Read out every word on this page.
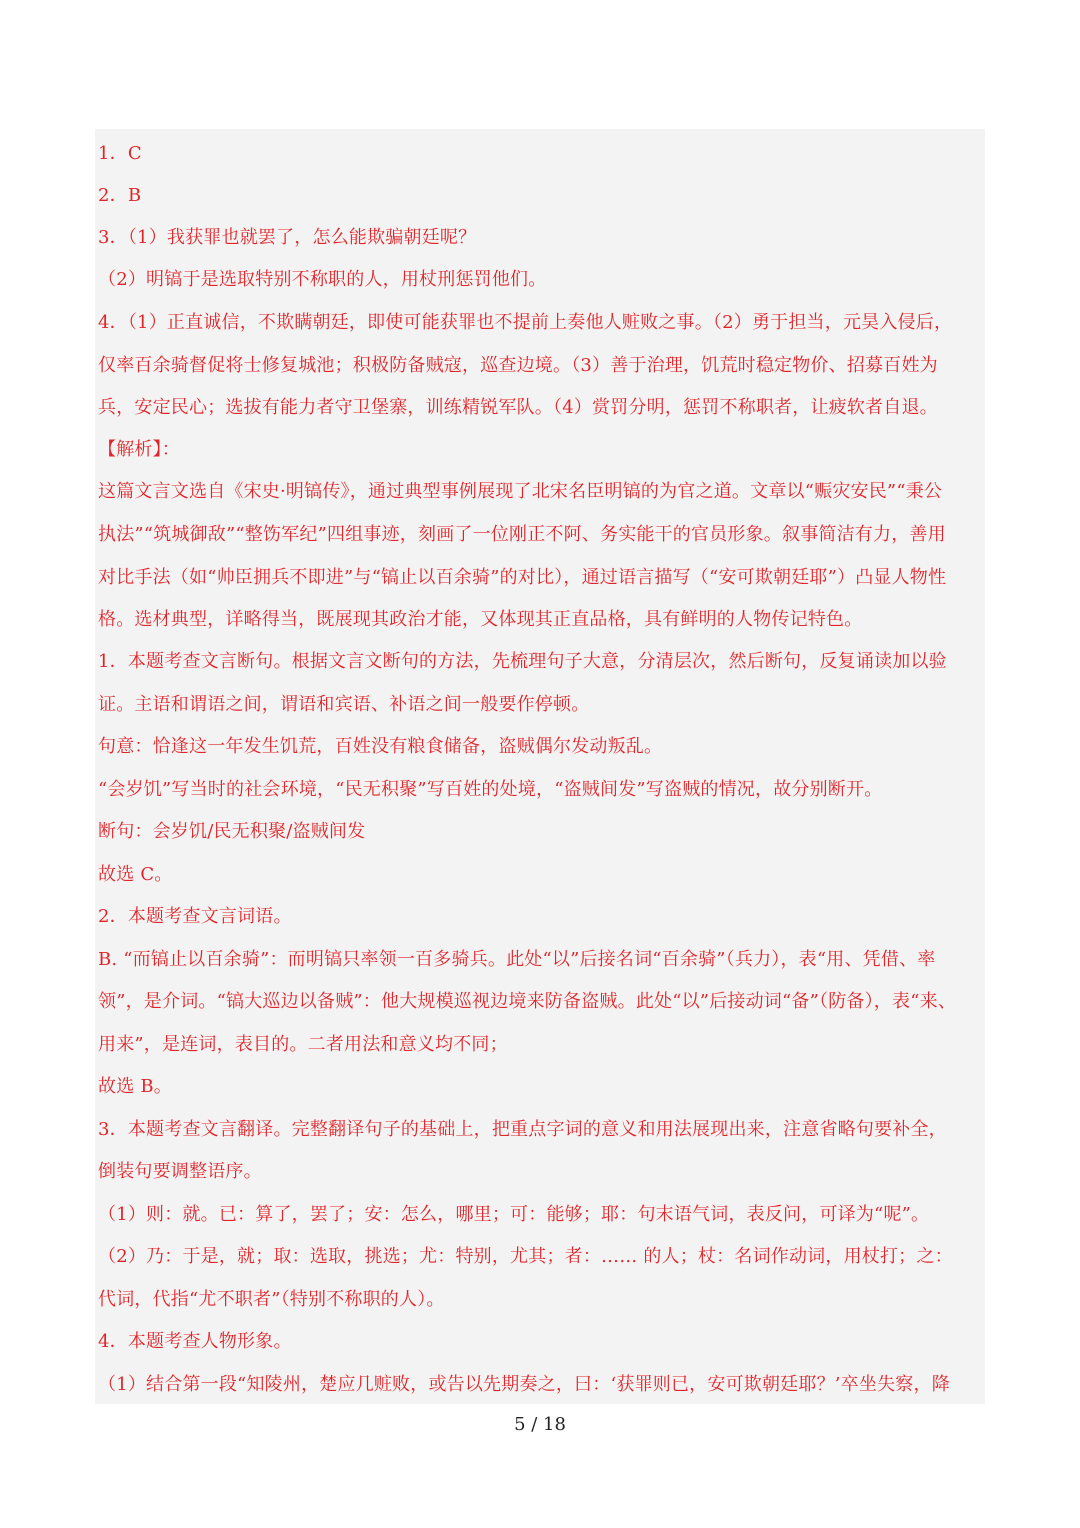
1．C
2．B
3．（1）我获罪也就罢了，怎么能欺骗朝廷呢？
（2）明镐于是选取特别不称职的人，用杖刑惩罚他们。
4．（1）正直诚信，不欺瞒朝廷，即使可能获罪也不提前上奏他人赃败之事。（2）勇于担当，元昊入侵后，
仅率百余骑督促将士修复城池；积极防备贼寇，巡查边境。（3）善于治理，饥荒时稳定物价、招募百姓为
兵，安定民心；选拔有能力者守卫堡寨，训练精锐军队。（4）赏罚分明，惩罚不称职者，让疲软者自退。
【解析】：
这篇文言文选自《宋史·明镐传》，通过典型事例展现了北宋名臣明镐的为官之道。文章以“赈灾安民”“秉公
执法”“筑城御敌”“整饬军纪”四组事迹，刻画了一位刚正不阿、务实能干的官员形象。叙事简洁有力，善用
对比手法（如“帅臣拥兵不即进”与“镐止以百余骑”的对比），通过语言描写（“安可欺朝廷耶”）凸显人物性
格。选材典型，详略得当，既展现其政治才能，又体现其正直品格，具有鲜明的人物传记特色。
1．本题考查文言断句。根据文言文断句的方法，先梳理句子大意，分清层次，然后断句，反复诵读加以验
证。主语和谓语之间，谓语和宾语、补语之间一般要作停顿。
句意：恰逢这一年发生饥荒，百姓没有粮食储备，盗贼偶尔发动叛乱。
“会岁饥”写当时的社会环境，“民无积聚”写百姓的处境，“盗贼间发”写盗贼的情况，故分别断开。
断句：会岁饥/民无积聚/盗贼间发
故选 C。
2．本题考查文言词语。
B. “而镐止以百余骑”：而明镐只率领一百多骑兵。此处“以”后接名词“百余骑”（兵力），表“用、凭借、率
领”，是介词。“镐大巡边以备贼”：他大规模巡视边境来防备盗贼。此处“以”后接动词“备”（防备），表“来、
用来”，是连词，表目的。二者用法和意义均不同；
故选 B。
3．本题考查文言翻译。完整翻译句子的基础上，把重点字词的意义和用法展现出来，注意省略句要补全，
倒装句要调整语序。
（1）则：就。已：算了，罢了；安：怎么，哪里；可：能够；耶：句末语气词，表反问，可译为“呢”。
（2）乃：于是，就；取：选取，挑选；尤：特别，尤其；者：…… 的人；杖：名词作动词，用杖打；之：
代词，代指“尤不职者”（特别不称职的人）。
4．本题考查人物形象。
（1）结合第一段“知陵州，楚应几赃败，或告以先期奏之，曰：‘获罪则已，安可欺朝廷耶？’卒坐失察，降
5 / 18
